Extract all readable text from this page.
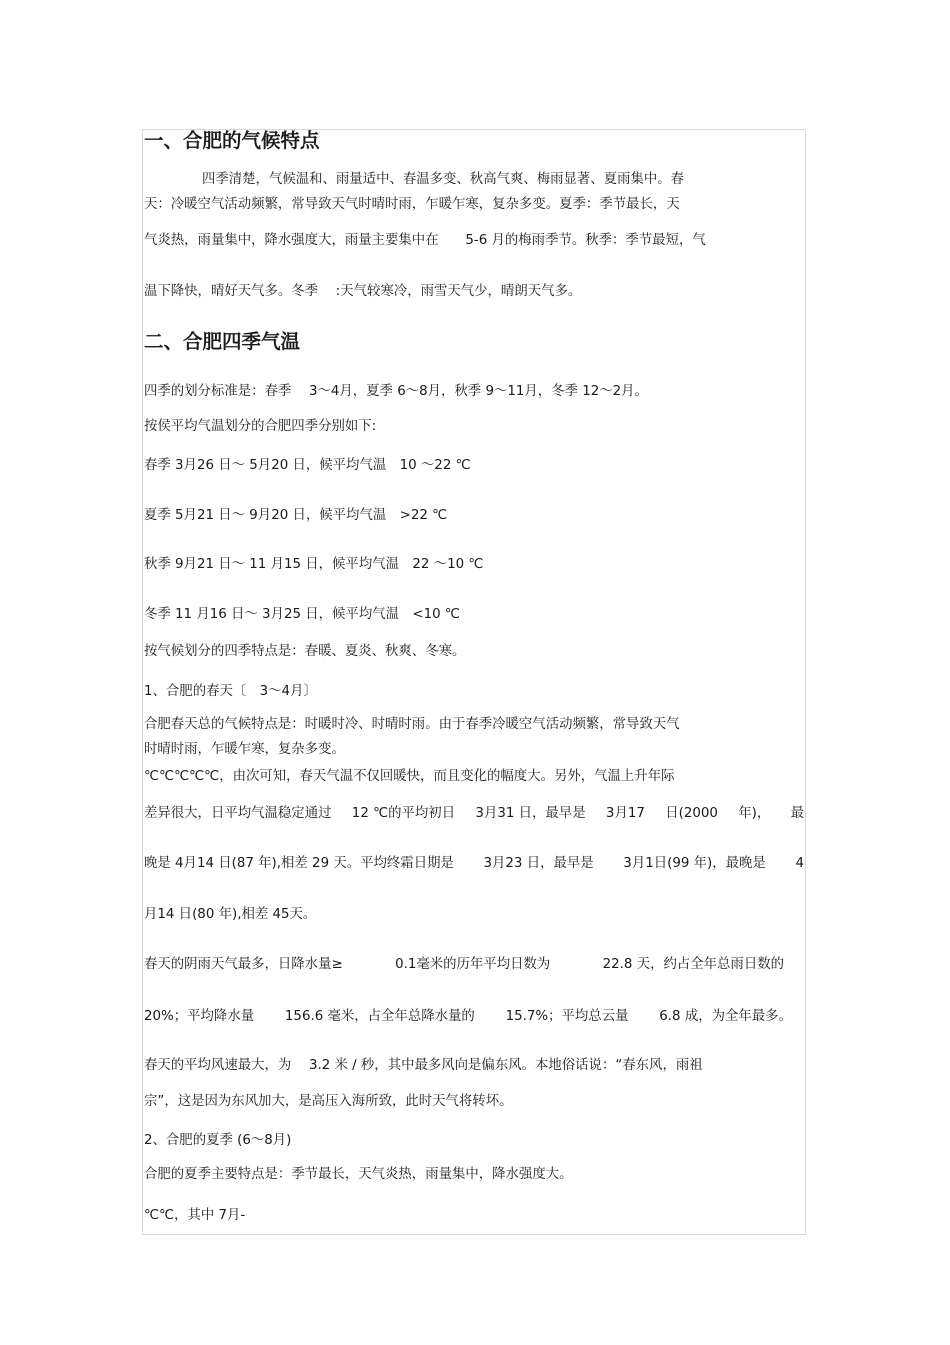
一、合肥的气候特点

四季清楚，气候温和、雨量适中、春温多变、秋高气爽、梅雨显著、夏雨集中。春

天：冷暖空气活动频繁，常导致天气时晴时雨，乍暖乍寒，复杂多变。夏季：季节最长，天

气炎热，雨量集中，降水强度大，雨量主要集中在　　5-6 月的梅雨季节。秋季：季节最短，气

温下降快，晴好天气多。冬季　 :天气较寒冷，雨雪天气少，晴朗天气多。

二、合肥四季气温

四季的划分标准是：春季　 3～4月，夏季 6～8月，秋季 9～11月，冬季 12～2月。

按侯平均气温划分的合肥四季分别如下:

春季 3月26 日～ 5月20 日，候平均气温　10 ～22 ℃

夏季 5月21 日～ 9月20 日，候平均气温　>22 ℃

秋季 9月21 日～ 11 月15 日，候平均气温　22 ～10 ℃

冬季 11 月16 日～ 3月25 日，候平均气温　<10 ℃

按气候划分的四季特点是：春暖、夏炎、秋爽、冬寒。

1、合肥的春天〔　3～4月〕

合肥春天总的气候特点是：时暖时冷、时晴时雨。由于春季冷暖空气活动频繁，常导致天气

时晴时雨，乍暖乍寒，复杂多变。

℃℃℃℃℃，由次可知，春天气温不仅回暖快，而且变化的幅度大。另外，气温上升年际

差异很大，日平均气温稳定通过 12 ℃的平均初日 3月31 日，最早是 3月17 日(2000 年)， 最

晚是 4月14 日(87 年),相差 29 天。平均终霜日期是 3月23 日，最早是 3月1日(99 年)，最晚是 4

月14 日(80 年),相差 45天。

春天的阴雨天气最多，日降水量≥	0.1毫米的历年平均日数为	22.8 天，约占全年总雨日数的

20%；平均降水量 156.6 毫米，占全年总降水量的 15.7%；平均总云量 6.8 成，为全年最多。

春天的平均风速最大，为　 3.2 米 / 秒，其中最多风向是偏东风。本地俗话说：“春东风，雨祖

宗”，这是因为东风加大，是高压入海所致，此时天气将转坏。

2、合肥的夏季 (6～8月)

合肥的夏季主要特点是：季节最长，天气炎热，雨量集中，降水强度大。

℃℃，其中 7月-
